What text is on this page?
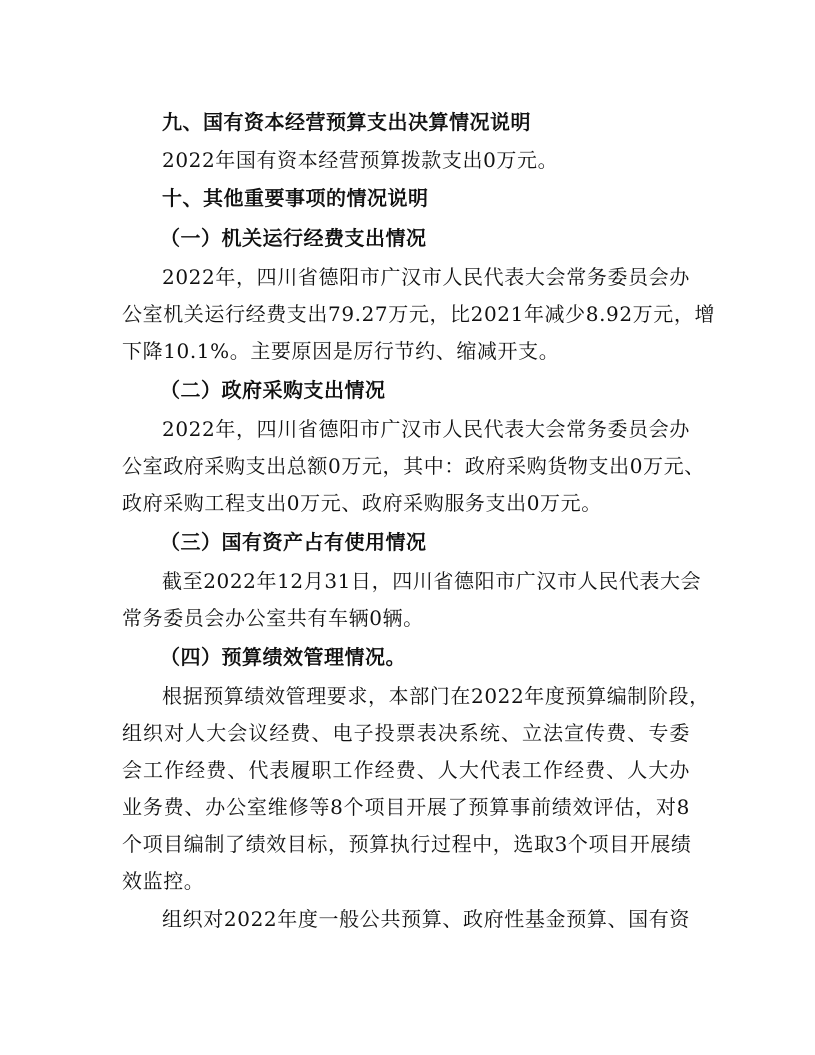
九、国有资本经营预算支出决算情况说明
2022年国有资本经营预算拨款支出0万元。
十、其他重要事项的情况说明
（一）机关运行经费支出情况
2022年，四川省德阳市广汉市人民代表大会常务委员会办
公室机关运行经费支出79.27万元，比2021年减少8.92万元，增
下降10.1%。主要原因是厉行节约、缩减开支。
（二）政府采购支出情况
2022年，四川省德阳市广汉市人民代表大会常务委员会办
公室政府采购支出总额0万元，其中：政府采购货物支出0万元、
政府采购工程支出0万元、政府采购服务支出0万元。
（三）国有资产占有使用情况
截至2022年12月31日，四川省德阳市广汉市人民代表大会
常务委员会办公室共有车辆0辆。
（四）预算绩效管理情况。
根据预算绩效管理要求，本部门在2022年度预算编制阶段，
组织对人大会议经费、电子投票表决系统、立法宣传费、专委
会工作经费、代表履职工作经费、人大代表工作经费、人大办
业务费、办公室维修等8个项目开展了预算事前绩效评估，对8
个项目编制了绩效目标，预算执行过程中，选取3个项目开展绩
效监控。
组织对2022年度一般公共预算、政府性基金预算、国有资
